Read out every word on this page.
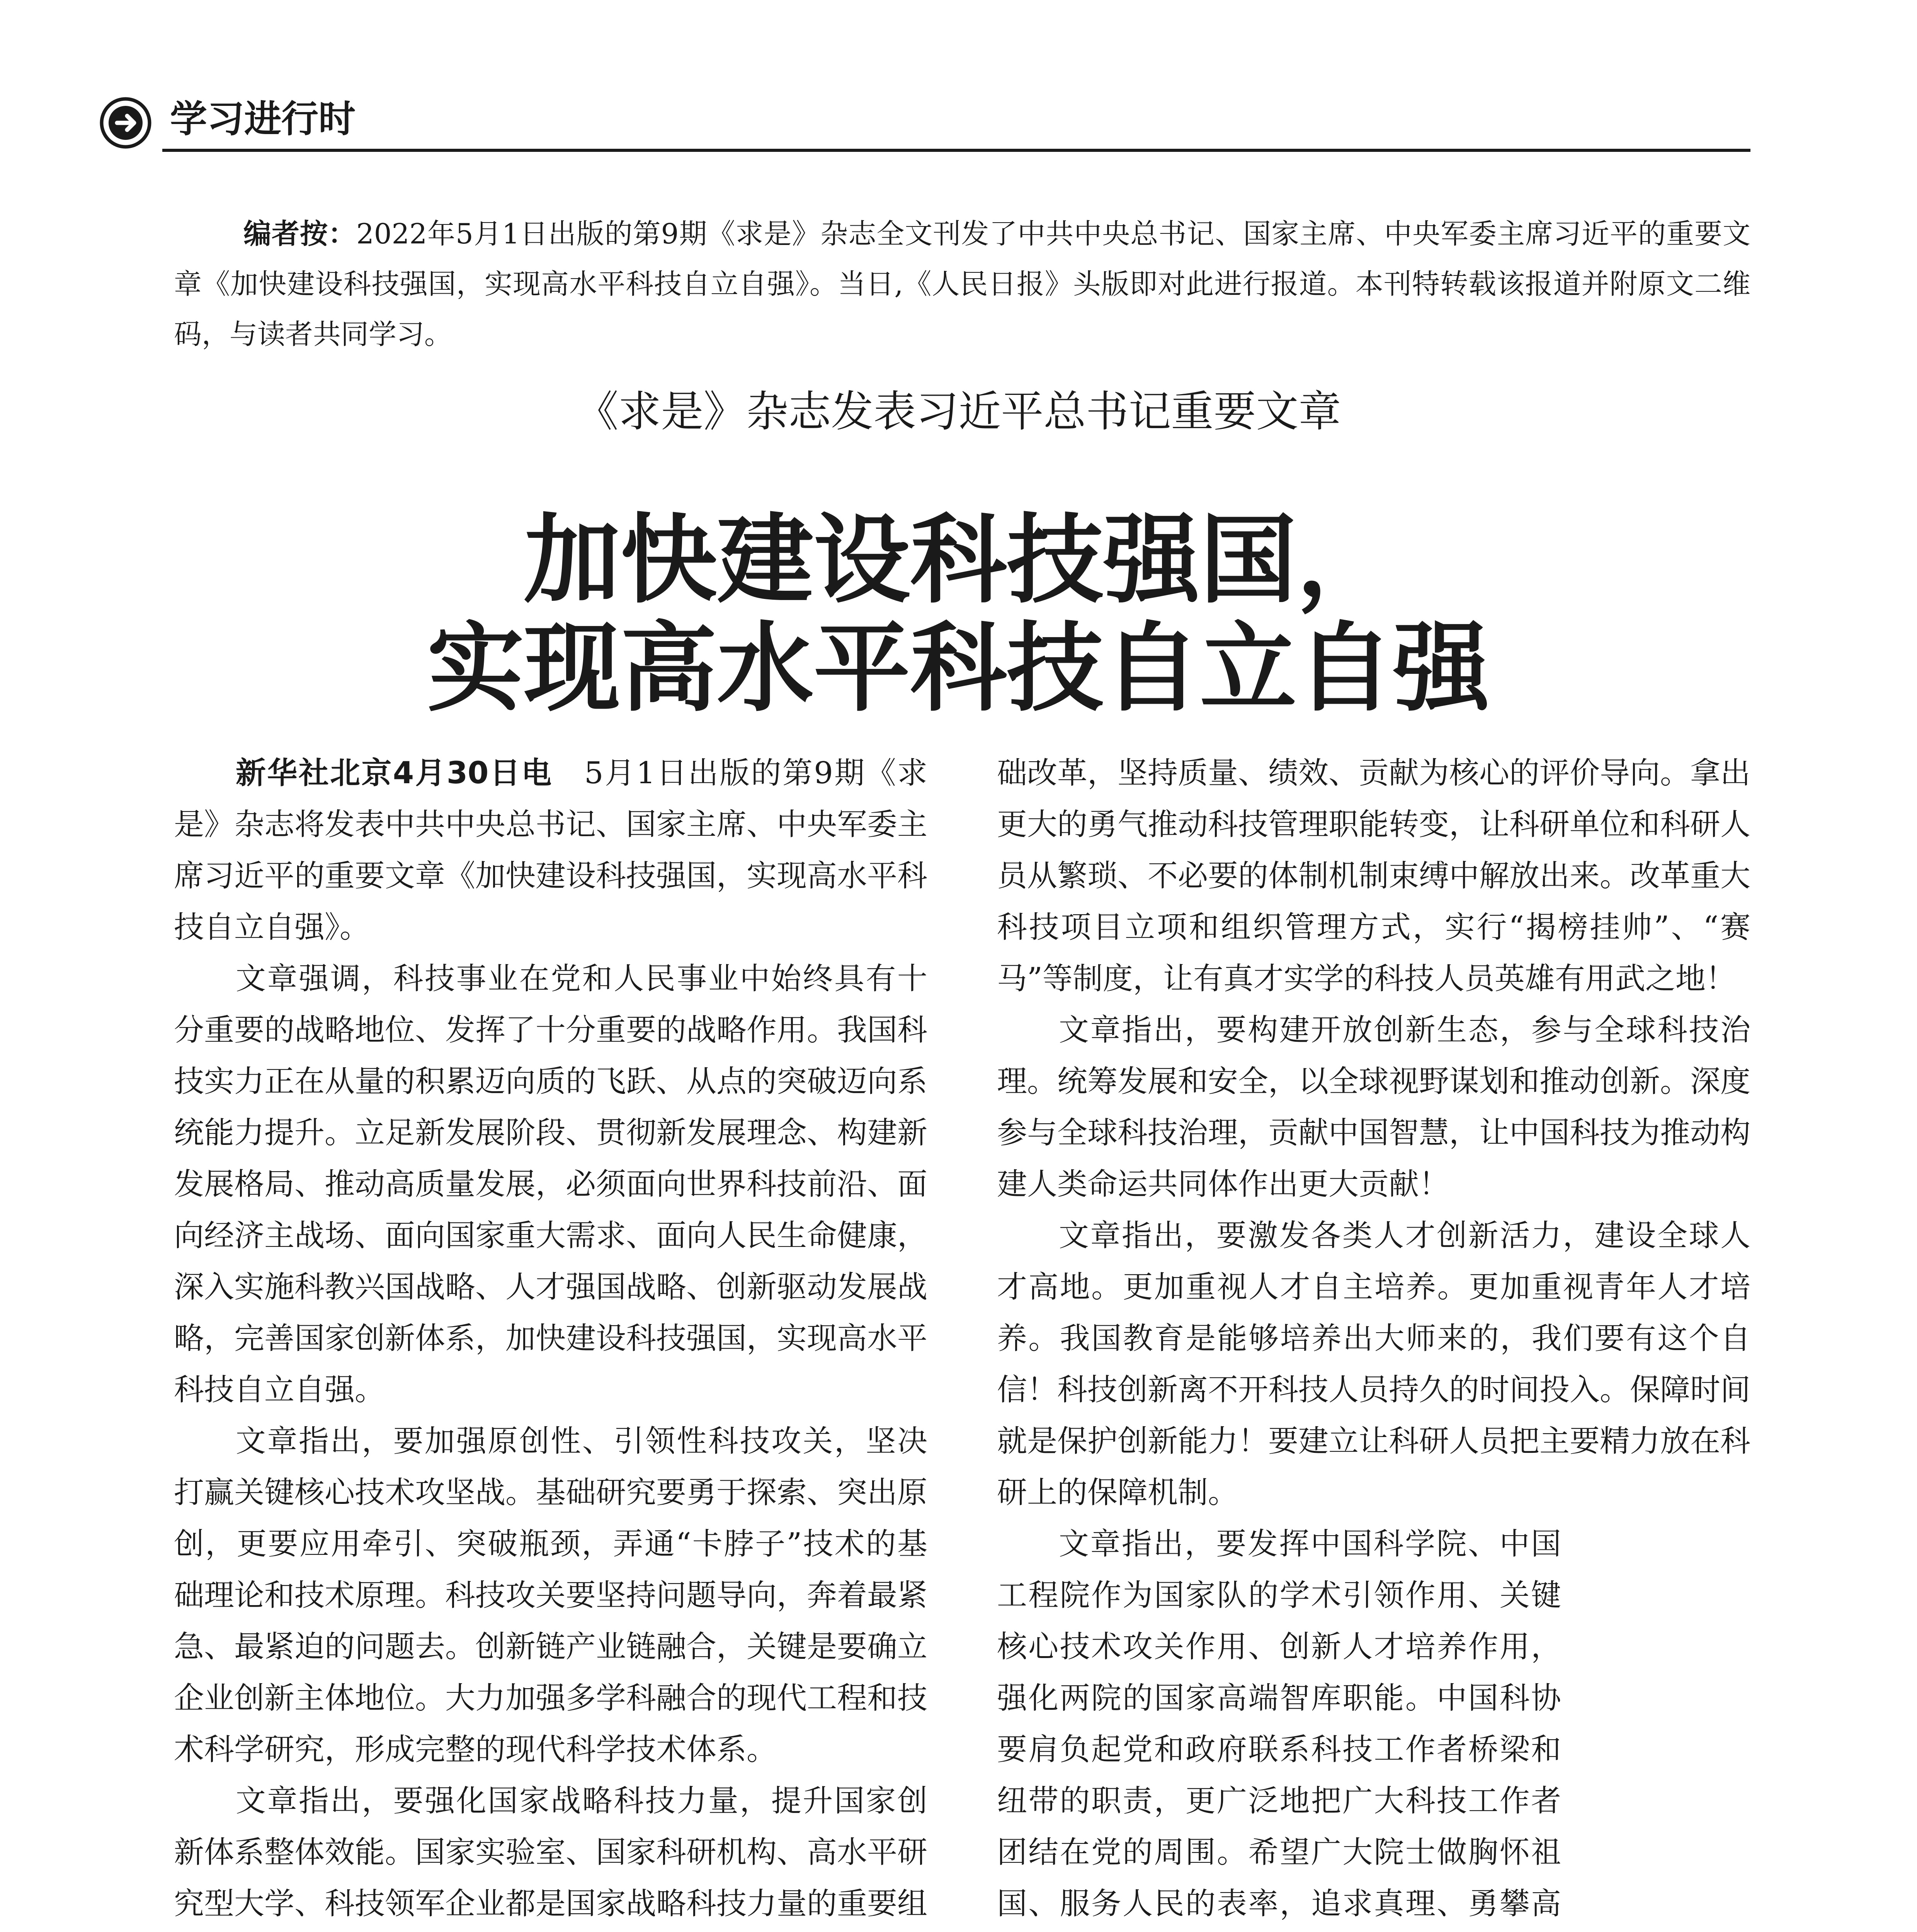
学习进行时
编者按：2022年5月1日出版的第9期《求是》杂志全文刊发了中共中央总书记、国家主席、中央军委主席习近平的重要文章《加快建设科技强国，实现高水平科技自立自强》。当日,《人民日报》头版即对此进行报道。本刊特转载该报道并附原文二维码，与读者共同学习。
《求是》杂志发表习近平总书记重要文章
加快建设科技强国，
实现高水平科技自立自强

新华社北京4月30日电　 5月1日出版的第9期《求是》杂志将发表中共中央总书记、国家主席、中央军委主席习近平的重要文章《加快建设科技强国，实现高水平科技自立自强》。

文章强调，科技事业在党和人民事业中始终具有十分重要的战略地位、发挥了十分重要的战略作用。我国科技实力正在从量的积累迈向质的飞跃、从点的突破迈向系统能力提升。立足新发展阶段、贯彻新发展理念、构建新发展格局、推动高质量发展，必须面向世界科技前沿、面向经济主战场、面向国家重大需求、面向人民生命健康，深入实施科教兴国战略、人才强国战略、创新驱动发展战略，完善国家创新体系，加快建设科技强国，实现高水平科技自立自强。

文章指出，要加强原创性、引领性科技攻关，坚决打赢关键核心技术攻坚战。基础研究要勇于探索、突出原创，更要应用牵引、突破瓶颈，弄通“卡脖子”技术的基础理论和技术原理。科技攻关要坚持问题导向，奔着最紧急、最紧迫的问题去。创新链产业链融合，关键是要确立企业创新主体地位。大力加强多学科融合的现代工程和技术科学研究，形成完整的现代科学技术体系。

文章指出，要强化国家战略科技力量，提升国家创新体系整体效能。国家实验室、国家科研机构、高水平研究型大学、科技领军企业都是国家战略科技力量的重要组

础改革，坚持质量、绩效、贡献为核心的评价导向。拿出更大的勇气推动科技管理职能转变，让科研单位和科研人员从繁琐、不必要的体制机制束缚中解放出来。改革重大科技项目立项和组织管理方式，实行“揭榜挂帅”、“赛马”等制度，让有真才实学的科技人员英雄有用武之地！

文章指出，要构建开放创新生态，参与全球科技治理。统筹发展和安全，以全球视野谋划和推动创新。深度参与全球科技治理，贡献中国智慧，让中国科技为推动构建人类命运共同体作出更大贡献！

文章指出，要激发各类人才创新活力，建设全球人才高地。更加重视人才自主培养。更加重视青年人才培养。我国教育是能够培养出大师来的，我们要有这个自信！科技创新离不开科技人员持久的时间投入。保障时间就是保护创新能力！要建立让科研人员把主要精力放在科研上的保障机制。

文章指出，要发挥中国科学院、中国工程院作为国家队的学术引领作用、关键核心技术攻关作用、创新人才培养作用，强化两院的国家高端智库职能。中国科协要肩负起党和政府联系科技工作者桥梁和纽带的职责，更广泛地把广大科技工作者团结在党的周围。希望广大院士做胸怀祖国、服务人民的表率，追求真理、勇攀高
